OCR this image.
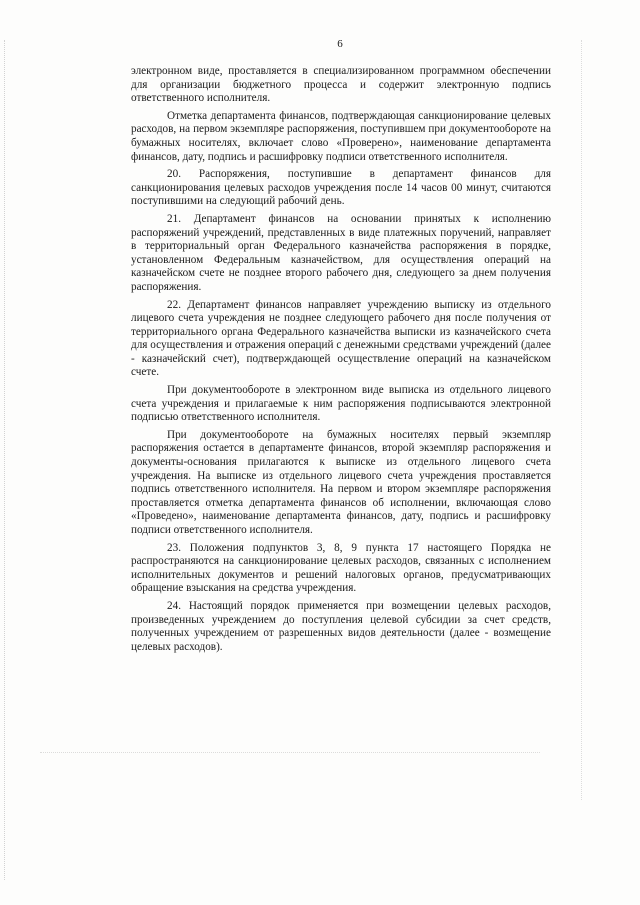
6

электронном виде, проставляется в специализированном программном обеспечении для организации бюджетного процесса и содержит электронную подпись ответственного исполнителя.

Отметка департамента финансов, подтверждающая санкционирование целевых расходов, на первом экземпляре распоряжения, поступившем при документообороте на бумажных носителях, включает слово «Проверено», наименование департамента финансов, дату, подпись и расшифровку подписи ответственного исполнителя.

20. Распоряжения, поступившие в департамент финансов для санкционирования целевых расходов учреждения после 14 часов 00 минут, считаются поступившими на следующий рабочий день.

21. Департамент финансов на основании принятых к исполнению распоряжений учреждений, представленных в виде платежных поручений, направляет в территориальный орган Федерального казначейства распоряжения в порядке, установленном Федеральным казначейством, для осуществления операций на казначейском счете не позднее второго рабочего дня, следующего за днем получения распоряжения.

22. Департамент финансов направляет учреждению выписку из отдельного лицевого счета учреждения не позднее следующего рабочего дня после получения от территориального органа Федерального казначейства выписки из казначейского счета для осуществления и отражения операций с денежными средствами учреждений (далее - казначейский счет), подтверждающей осуществление операций на казначейском счете.

При документообороте в электронном виде выписка из отдельного лицевого счета учреждения и прилагаемые к ним распоряжения подписываются электронной подписью ответственного исполнителя.

При документообороте на бумажных носителях первый экземпляр распоряжения остается в департаменте финансов, второй экземпляр распоряжения и документы-основания прилагаются к выписке из отдельного лицевого счета учреждения. На выписке из отдельного лицевого счета учреждения проставляется подпись ответственного исполнителя. На первом и втором экземпляре распоряжения проставляется отметка департамента финансов об исполнении, включающая слово «Проведено», наименование департамента финансов, дату, подпись и расшифровку подписи ответственного исполнителя.

23. Положения подпунктов 3, 8, 9 пункта 17 настоящего Порядка не распространяются на санкционирование целевых расходов, связанных с исполнением исполнительных документов и решений налоговых органов, предусматривающих обращение взыскания на средства учреждения.

24. Настоящий порядок применяется при возмещении целевых расходов, произведенных учреждением до поступления целевой субсидии за счет средств, полученных учреждением от разрешенных видов деятельности (далее - возмещение целевых расходов).
